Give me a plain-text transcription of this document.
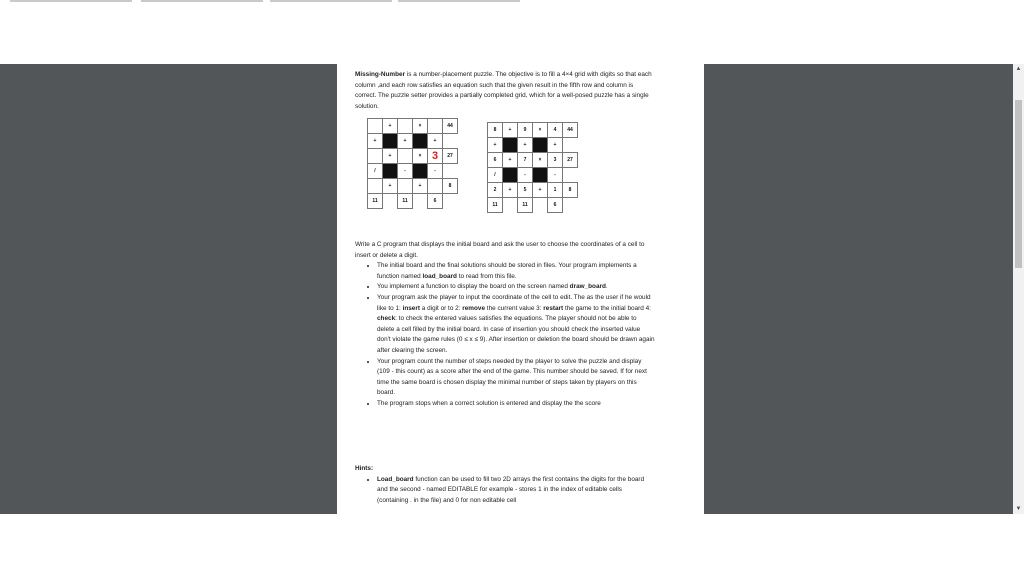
Missing-Number is a number-placement puzzle. The objective is to fill a 4×4 grid with digits so that each column ,and each row satisfies an equation such that the given result in the fifth row and column is correct. The puzzle setter provides a partially completed grid, which for a well-posed puzzle has a single solution.
	+		×		44
+		+		+	
	+		×	3	27
/		-		-	
	+		+		8
11		11		6	
8	+	9	×	4	44
+		+		+	
6	+	7	×	3	27
/		-		-	
2	+	5	+	1	8
11		11		6	
Write a C program that displays the initial board and ask the user to choose the coordinates of a cell to insert or delete a digit.
• The initial board and the final solutions should be stored in files. Your program implements a function named load_board to read from this file.
• You implement a function to display the board on the screen named draw_board.
• Your program ask the player to input the coordinate of the cell to edit. The as the user if he would like to 1: insert a digit or to 2: remove the current value 3: restart the game to the initial board 4: check: to check the entered values satisfies the equations. The player should not be able to delete a cell filled by the initial board. In case of insertion you should check the inserted value don't violate the game rules (0 ≤ x ≤ 9). After insertion or deletion the board should be drawn again after clearing the screen.
• Your program count the number of steps needed by the player to solve the puzzle and display (109 - this count) as a score after the end of the game. This number should be saved. If for next time the same board is chosen display the minimal number of steps taken by players on this board.
• The program stops when a correct solution is entered and display the the score
Hints:
• Load_board function can be used to fill two 2D arrays the first contains the digits for the board and the second - named EDITABLE for example - stores 1 in the index of editable cells (containing . in the file) and 0 for non editable cell
▲
▼
